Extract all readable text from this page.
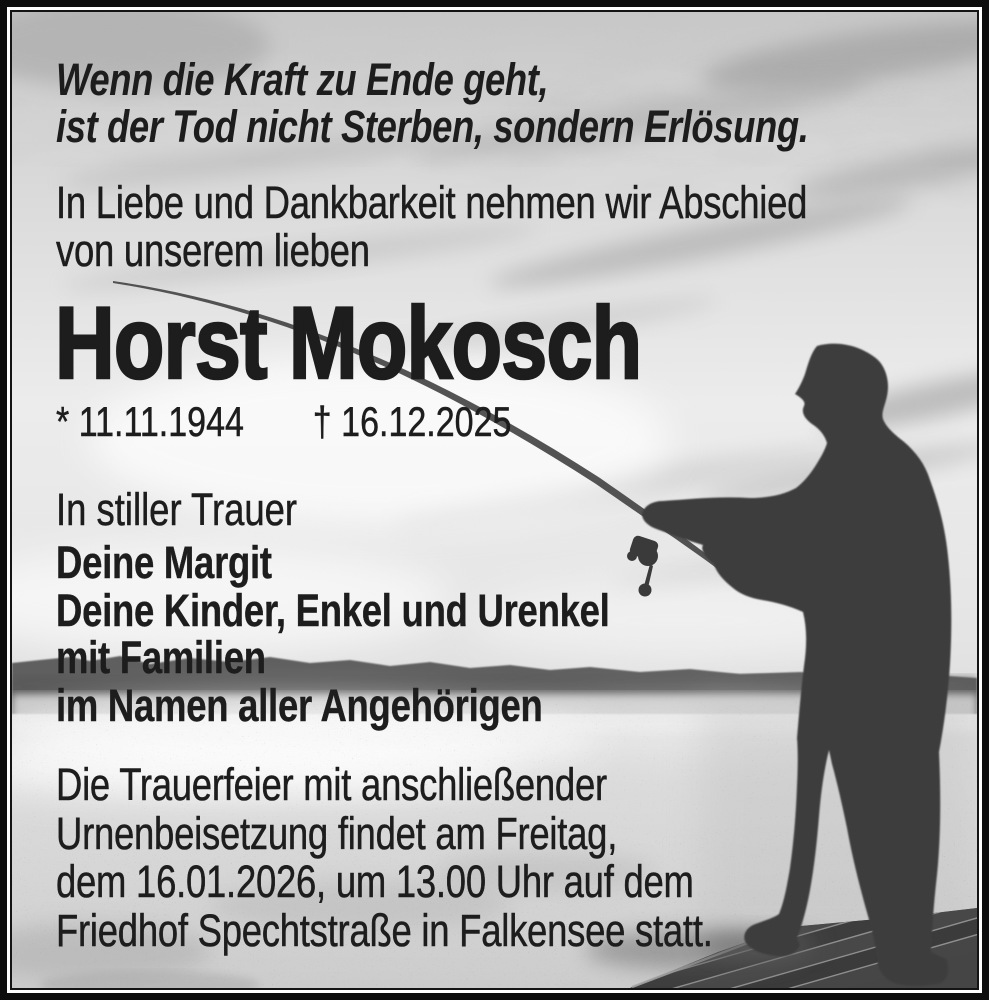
Wenn die Kraft zu Ende geht,
ist der Tod nicht Sterben, sondern Erlösung.
In Liebe und Dankbarkeit nehmen wir Abschied
von unserem lieben
Horst Mokosch
* 11.11.1944 † 16.12.2025
In stiller Trauer
Deine Margit
Deine Kinder, Enkel und Urenkel
mit Familien
im Namen aller Angehörigen
Die Trauerfeier mit anschließender
Urnenbeisetzung findet am Freitag,
dem 16.01.2026, um 13.00 Uhr auf dem
Friedhof Spechtstraße in Falkensee statt.
